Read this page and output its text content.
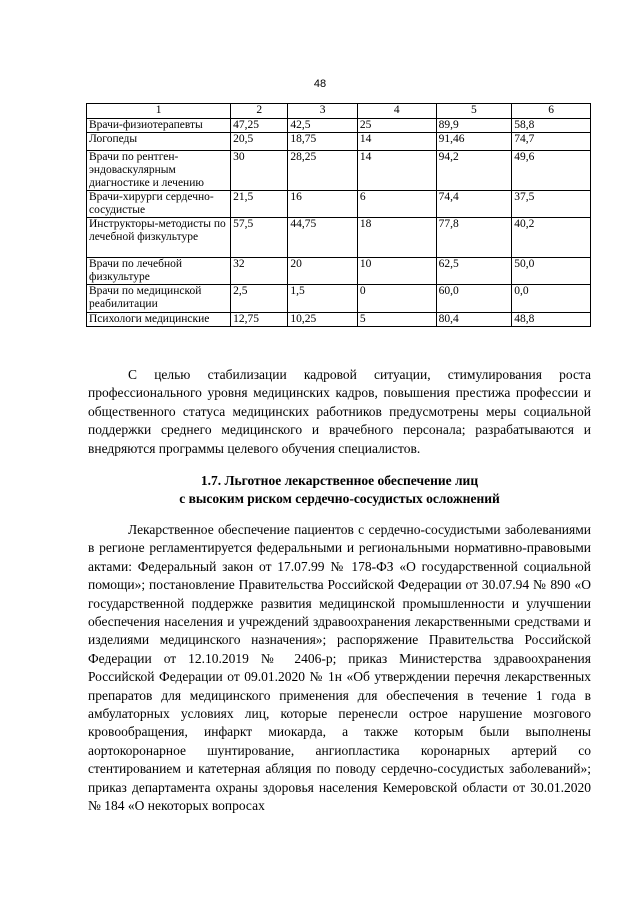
48
1	2	3	4	5	6
Врачи-физиотерапевты	47,25	42,5	25	89,9	58,8
Логопеды	20,5	18,75	14	91,46	74,7
Врачи по рентген-эндоваскулярным диагностике и лечению	30	28,25	14	94,2	49,6
Врачи-хирурги сердечно-сосудистые	21,5	16	6	74,4	37,5
Инструкторы-методисты по лечебной физкультуре	57,5	44,75	18	77,8	40,2
Врачи по лечебной физкультуре	32	20	10	62,5	50,0
Врачи по медицинской реабилитации	2,5	1,5	0	60,0	0,0
Психологи медицинские	12,75	10,25	5	80,4	48,8

С целью стабилизации кадровой ситуации, стимулирования роста профессионального уровня медицинских кадров, повышения престижа профессии и общественного статуса медицинских работников предусмотрены меры социальной поддержки среднего медицинского и врачебного персонала; разрабатываются и внедряются программы целевого обучения специалистов.

1.7. Льготное лекарственное обеспечение лиц

с высоким риском сердечно-сосудистых осложнений

Лекарственное обеспечение пациентов с сердечно-сосудистыми заболеваниями в регионе регламентируется федеральными и региональными нормативно-правовыми актами: Федеральный закон от 17.07.99 № 178-ФЗ «О государственной социальной помощи»; постановление Правительства Российской Федерации от 30.07.94 № 890 «О государственной поддержке развития медицинской промышленности и улучшении обеспечения населения и учреждений здравоохранения лекарственными средствами и изделиями медицинского назначения»; распоряжение Правительства Российской Федерации от 12.10.2019 № 2406-р; приказ Министерства здравоохранения Российской Федерации от 09.01.2020 № 1н «Об утверждении перечня лекарственных препаратов для медицинского применения для обеспечения в течение 1 года в амбулаторных условиях лиц, которые перенесли острое нарушение мозгового кровообращения, инфаркт миокарда, а также которым были выполнены аортокоронарное шунтирование, ангиопластика коронарных артерий со стентированием и катетерная абляция по поводу сердечно-сосудистых заболеваний»; приказ департамента охраны здоровья населения Кемеровской области от 30.01.2020 № 184 «О некоторых вопросах
